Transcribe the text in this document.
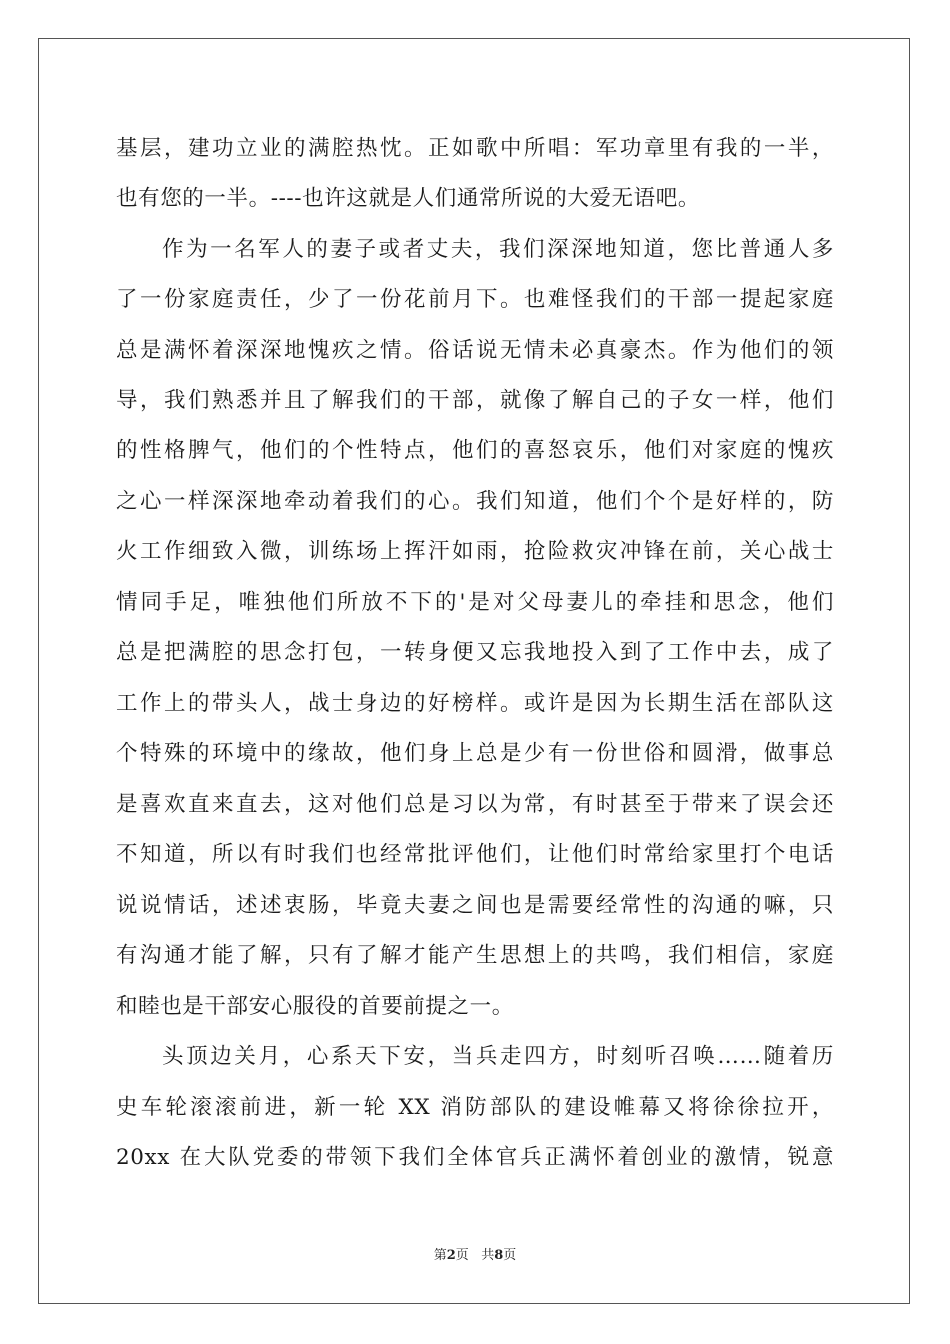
基层，建功立业的满腔热忱。正如歌中所唱：军功章里有我的一半，
也有您的一半。----也许这就是人们通常所说的大爱无语吧。
作为一名军人的妻子或者丈夫，我们深深地知道，您比普通人多
了一份家庭责任，少了一份花前月下。也难怪我们的干部一提起家庭
总是满怀着深深地愧疚之情。俗话说无情未必真豪杰。作为他们的领
导，我们熟悉并且了解我们的干部，就像了解自己的子女一样，他们
的性格脾气，他们的个性特点，他们的喜怒哀乐，他们对家庭的愧疚
之心一样深深地牵动着我们的心。我们知道，他们个个是好样的，防
火工作细致入微，训练场上挥汗如雨，抢险救灾冲锋在前，关心战士
情同手足，唯独他们所放不下的'是对父母妻儿的牵挂和思念，他们
总是把满腔的思念打包，一转身便又忘我地投入到了工作中去，成了
工作上的带头人，战士身边的好榜样。或许是因为长期生活在部队这
个特殊的环境中的缘故，他们身上总是少有一份世俗和圆滑，做事总
是喜欢直来直去，这对他们总是习以为常，有时甚至于带来了误会还
不知道，所以有时我们也经常批评他们，让他们时常给家里打个电话
说说情话，述述衷肠，毕竟夫妻之间也是需要经常性的沟通的嘛，只
有沟通才能了解，只有了解才能产生思想上的共鸣，我们相信，家庭
和睦也是干部安心服役的首要前提之一。
头顶边关月，心系天下安，当兵走四方，时刻听召唤……随着历
史车轮滚滚前进，新一轮 XX 消防部队的建设帷幕又将徐徐拉开，
20xx 在大队党委的带领下我们全体官兵正满怀着创业的激情，锐意
第2页   共8页
